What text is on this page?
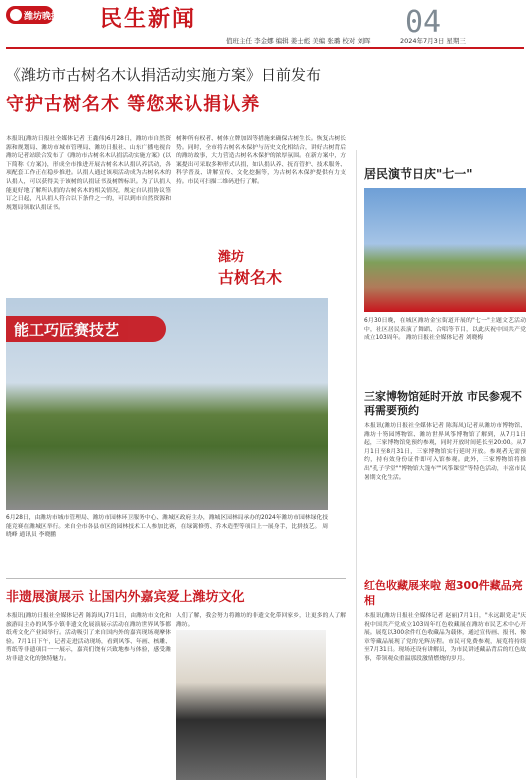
潍坊晚报 民生新闻	04
值班主任 李金娜 编辑 姜士彪 美编 张璐 校对 刘晖	2024年7月3日 星期三
《潍坊市古树名木认捐活动实施方案》日前发布
守护古树名木 等您来认捐认养
本报讯(潍坊日报社全媒体记者 王鑫伟)6月28日，潍坊市自然资源和规划局、潍坊市城市管理局、潍坊日报社、山东广播电视台潍坊记者站联合发布了《潍坊市古树名木认捐活动实施方案》(以下简称《方案》)，形成全市推进开展古树名木认捐认养活动，各项配套工作正在稳步推进。认捐人通过该项活动成为古树名木的认捐人，可以获得关于该树的认捐证书及树牌标识。为了认捐人能更好地了解所认捐的古树名木的相关情况，规定自认捐协议签订之日起，凡认捐人符合以下条件之一的，可以到市自然资源和规划局领取认捐证书。
树种所有权者、树体立牌加固等措施来确保古树生长。恢复古树长势。同时，全市将古树名木保护与历史文化相结合，讲好古树背后的潍坊故事，大力营造古树名木保护的浓厚氛围。在新方案中，方案提出可采取多种形式认捐，如认捐认养、抚育管护、技术服务、科学普及、讲解宣传、文化挖掘等，为古树名木保护提供有力支持。市民可扫描二维码进行了解。
潍坊
古树名木
居民演节日庆"七一"
6月30日晚，在城区潍坊金宝街道开展的"七一"主题文艺活动中，社区居民表演了舞蹈、合唱等节目，以此庆祝中国共产党成立103周年。 潍坊日报社全媒体记者 刘晓梅
能工巧匠赛技艺
6月28日，由潍坊市城市管理局、潍坊市园林环卫服务中心、潍城区政府主办，潍城区园林局承办的2024年潍坊市园林绿化技能竞赛在潍城区举行。来自全市各县市区的园林技术工人参加比赛，在绿篱修剪、乔木造型等项目上一展身手，比拼技艺。 周晓峰 通讯员 李晓鹏
三家博物馆延时开放 市民参观不再需要预约
本报讯(潍坊日报社全媒体记者 陈海凤)记者从潍坊市博物馆、潍坊十笏园博物馆、潍坊世界风筝博物馆了解到，从7月1日起，三家博物馆免预约参观，同时开放时间延长至20:00。从7月1日至8月31日，三家博物馆实行延时开放。参观者无需预约，持有效身份证件即可入馆参观。此外，三家博物馆将推出"孔子学堂""博物馆大篷车""风筝课堂"等特色活动，丰富市民暑期文化生活。
非遗展演展示 让国内外嘉宾爱上潍坊文化
本报讯(潍坊日报社全媒体记者 陈海凤)7月1日，由潍坊市文化和旅游局主办的风筝小镇非遗文化展演展示活动在潍坊世界风筝都纸鸢文化产业园举行。活动吸引了来自国内外的嘉宾现场观摩体验。7月1日下午，记者走进活动现场，看到风筝、年画、核雕、剪纸等非遗项目一一展示，嘉宾们饶有兴致地参与体验，感受潍坊非遗文化的独特魅力。
人们了解，我会努力将潍坊的非遗文化带回家乡，让更多的人了解潍坊。
红色收藏展来啦 超300件藏品亮相
本报讯(潍坊日报社全媒体记者 赵丽)7月1日，"永远跟党走"庆祝中国共产党成立103周年红色收藏展在潍坊市民艺术中心开展。展览以300余件红色收藏品为载体，通过宣传画、报刊、像章等藏品展现了党的光辉历程。市民可免费参观，展览将持续至7月31日。现场还设有讲解员，为市民讲述藏品背后的红色故事，带领观众重温那段激情燃烧的岁月。
